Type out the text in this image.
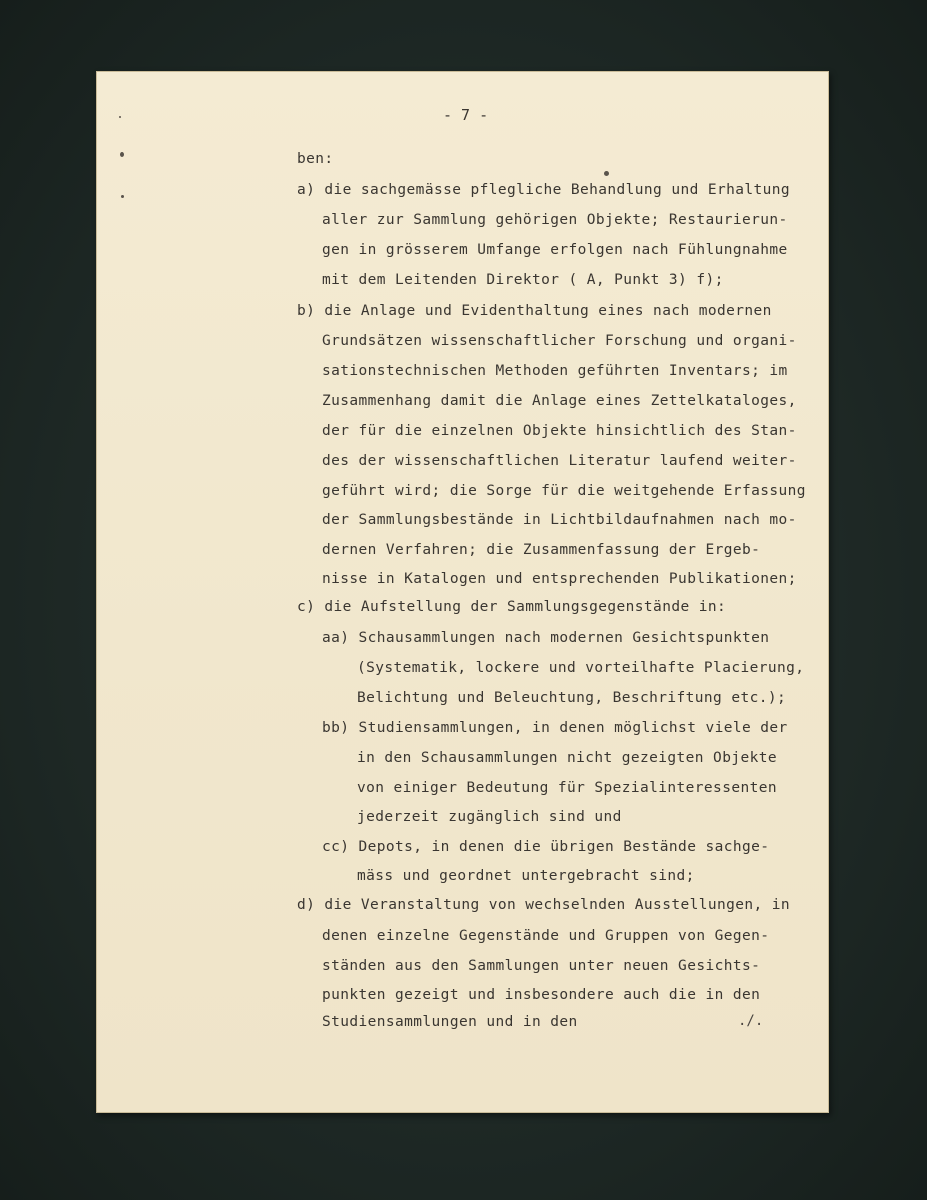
- 7 -
ben:
a) die sachgemässe pflegliche Behandlung und Erhaltung
aller zur Sammlung gehörigen Objekte; Restaurierun-
gen in grösserem Umfange erfolgen nach Fühlungnahme
mit dem Leitenden Direktor ( A, Punkt 3) f);
b) die Anlage und Evidenthaltung eines nach modernen
Grundsätzen wissenschaftlicher Forschung und organi-
sationstechnischen Methoden geführten Inventars; im
Zusammenhang damit die Anlage eines Zettelkataloges,
der für die einzelnen Objekte hinsichtlich des Stan-
des der wissenschaftlichen Literatur laufend weiter-
geführt wird; die Sorge für die weitgehende Erfassung
der Sammlungsbestände in Lichtbildaufnahmen nach mo-
dernen Verfahren; die Zusammenfassung der Ergeb-
nisse in Katalogen und entsprechenden Publikationen;
c) die Aufstellung der Sammlungsgegenstände in:
aa) Schausammlungen nach modernen Gesichtspunkten
(Systematik, lockere und vorteilhafte Placierung,
Belichtung und Beleuchtung, Beschriftung etc.);
bb) Studiensammlungen, in denen möglichst viele der
in den Schausammlungen nicht gezeigten Objekte
von einiger Bedeutung für Spezialinteressenten
jederzeit zugänglich sind und
cc) Depots, in denen die übrigen Bestände sachge-
mäss und geordnet untergebracht sind;
d) die Veranstaltung von wechselnden Ausstellungen, in
denen einzelne Gegenstände und Gruppen von Gegen-
ständen aus den Sammlungen unter neuen Gesichts-
punkten gezeigt und insbesondere auch die in den
Studiensammlungen und in den	./.
